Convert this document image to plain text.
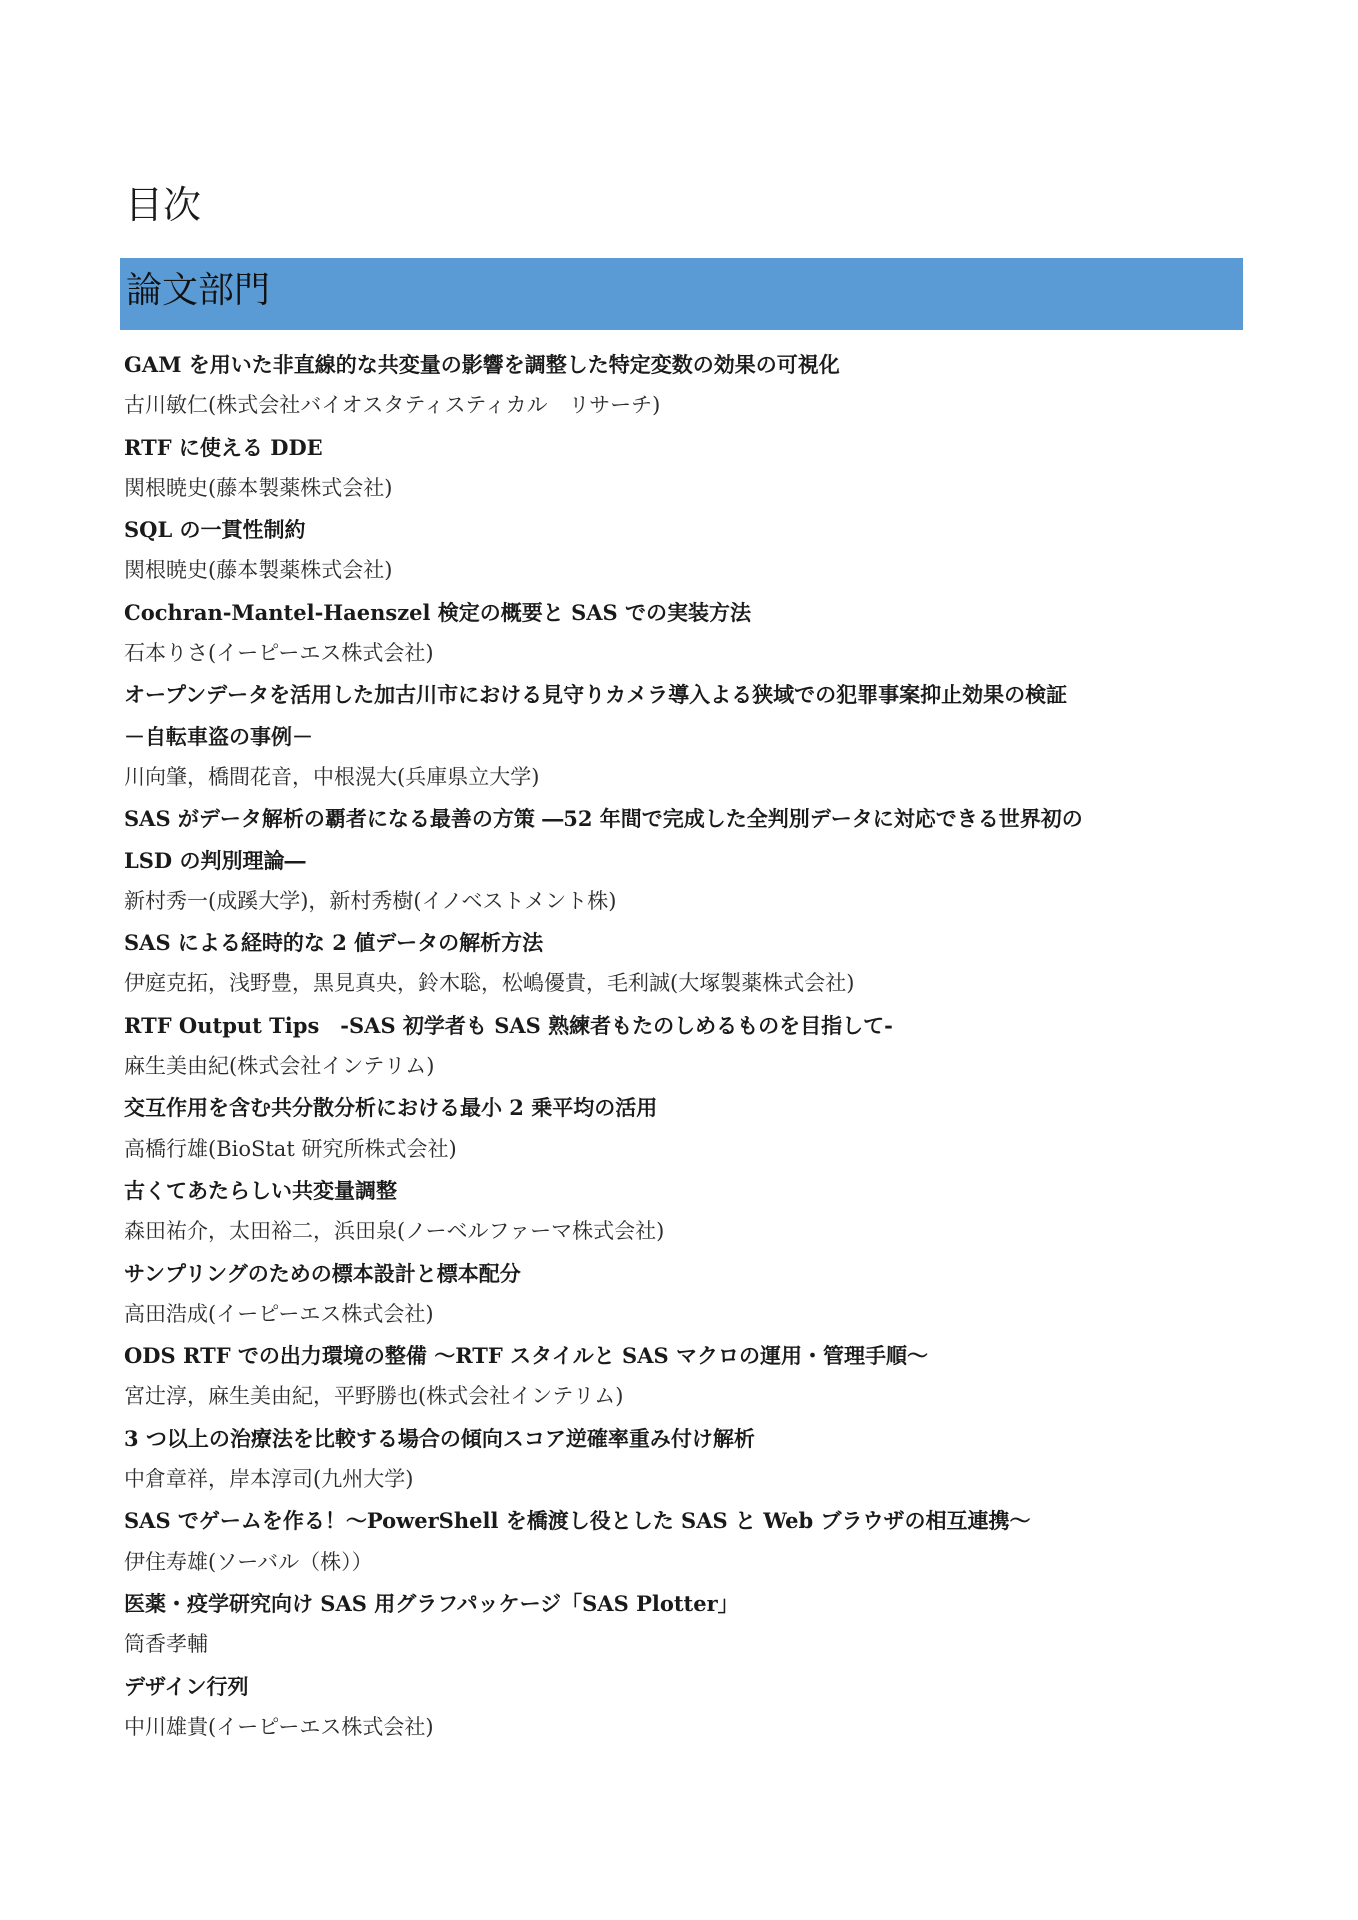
目次
論文部門
GAM を用いた非直線的な共変量の影響を調整した特定変数の効果の可視化
古川敏仁(株式会社バイオスタティスティカル　リサーチ)
RTF に使える DDE
関根暁史(藤本製薬株式会社)
SQL の一貫性制約
関根暁史(藤本製薬株式会社)
Cochran-Mantel-Haenszel 検定の概要と SAS での実装方法
石本りさ(イーピーエス株式会社)
オープンデータを活用した加古川市における見守りカメラ導入よる狭域での犯罪事案抑止効果の検証
－自転車盗の事例－
川向肇，橋間花音，中根滉大(兵庫県立大学)
SAS がデータ解析の覇者になる最善の方策 ―52 年間で完成した全判別データに対応できる世界初の
LSD の判別理論―
新村秀一(成蹊大学)，新村秀樹(イノベストメント株)
SAS による経時的な 2 値データの解析方法
伊庭克拓，浅野豊，黒見真央，鈴木聡，松嶋優貴，毛利誠(大塚製薬株式会社)
RTF Output Tips　-SAS 初学者も SAS 熟練者もたのしめるものを目指して-
麻生美由紀(株式会社インテリム)
交互作用を含む共分散分析における最小 2 乗平均の活用
高橋行雄(BioStat 研究所株式会社)
古くてあたらしい共変量調整
森田祐介，太田裕二，浜田泉(ノーベルファーマ株式会社)
サンプリングのための標本設計と標本配分
高田浩成(イーピーエス株式会社)
ODS RTF での出力環境の整備 ～RTF スタイルと SAS マクロの運用・管理手順～
宮辻淳，麻生美由紀，平野勝也(株式会社インテリム)
3 つ以上の治療法を比較する場合の傾向スコア逆確率重み付け解析
中倉章祥，岸本淳司(九州大学)
SAS でゲームを作る！～PowerShell を橋渡し役とした SAS と Web ブラウザの相互連携～
伊住寿雄(ソーバル（株））
医薬・疫学研究向け SAS 用グラフパッケージ「SAS Plotter」
筒香孝輔
デザイン行列
中川雄貴(イーピーエス株式会社)
